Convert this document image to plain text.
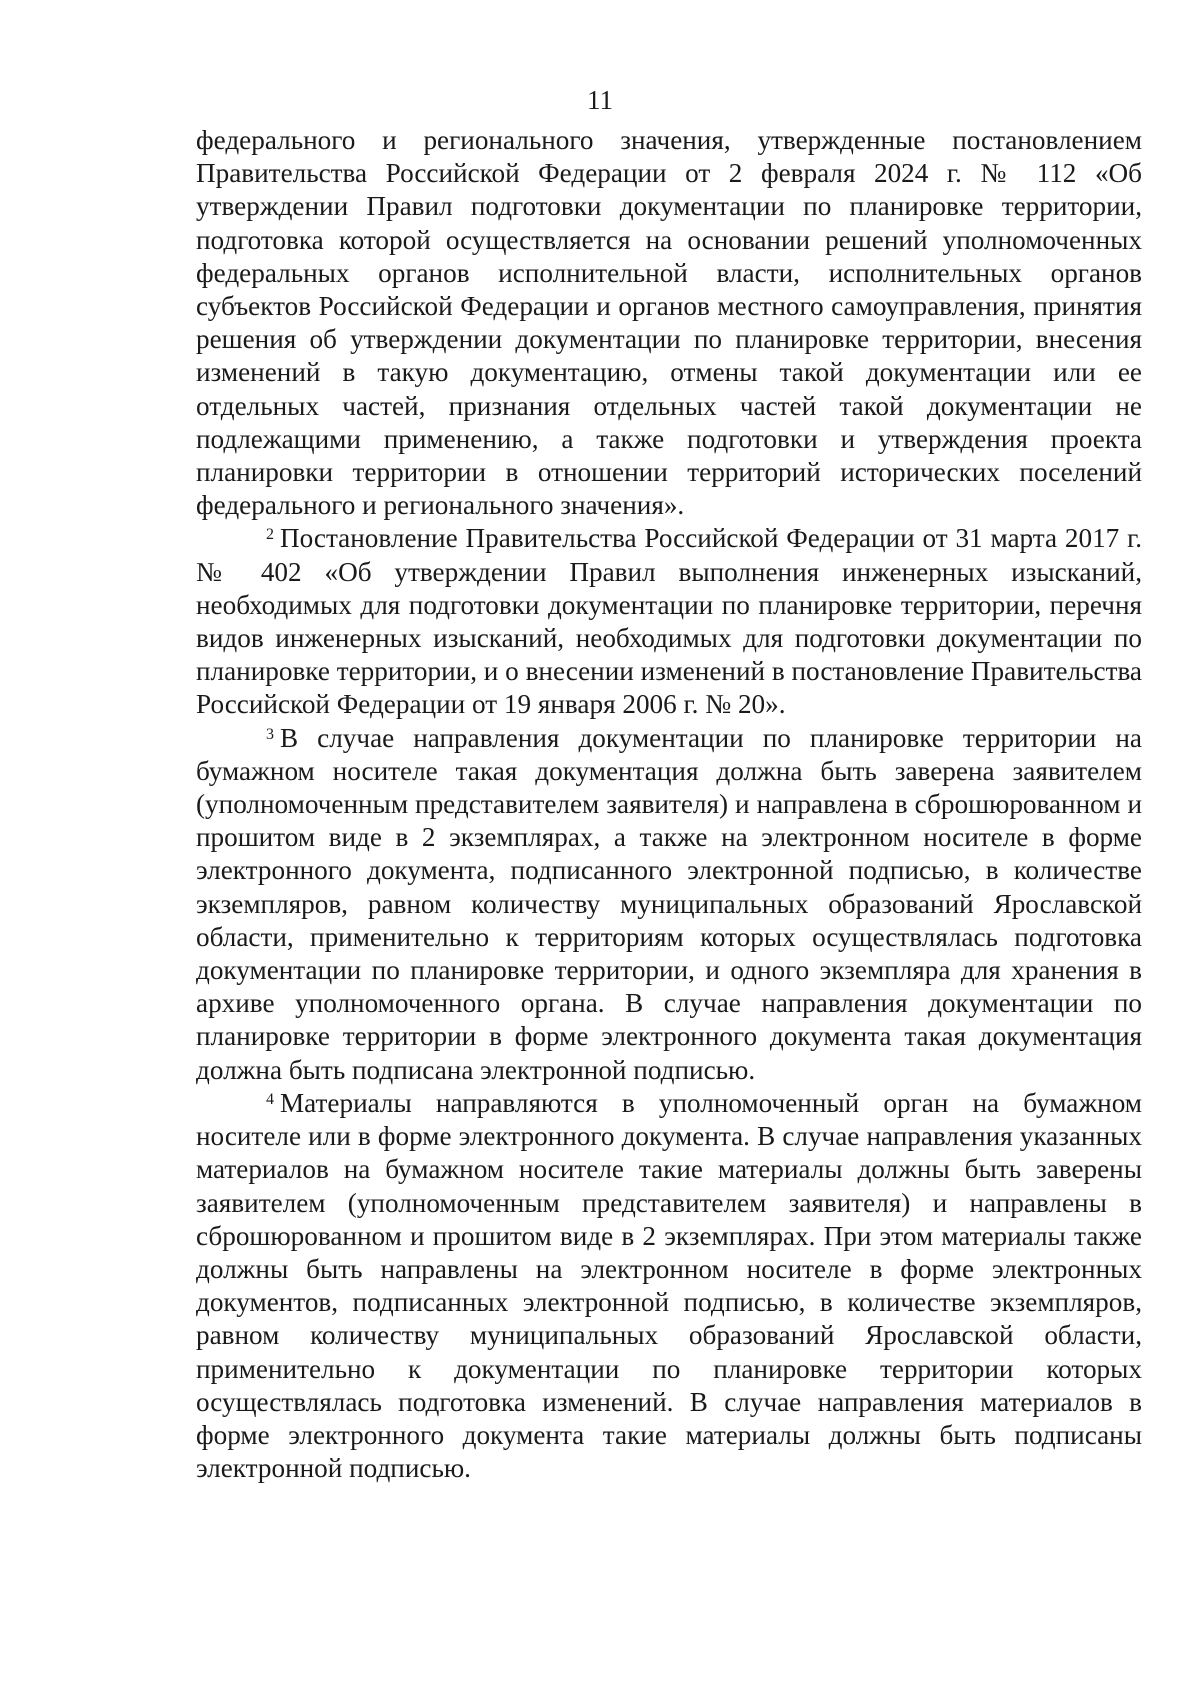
11

федерального и регионального значения, утвержденные постановлением Правительства Российской Федерации от 2 февраля 2024 г. № 112 «Об утверждении Правил подготовки документации по планировке территории, подготовка которой осуществляется на основании решений уполномоченных федеральных органов исполнительной власти, исполнительных органов субъектов Российской Федерации и органов местного самоуправления, принятия решения об утверждении документации по планировке территории, внесения изменений в такую документацию, отмены такой документации или ее отдельных частей, признания отдельных частей такой документации не подлежащими применению, а также подготовки и утверждения проекта планировки территории в отношении территорий исторических поселений федерального и регионального значения».

$^2$ Постановление Правительства Российской Федерации от 31 марта 2017 г. № 402 «Об утверждении Правил выполнения инженерных изысканий, необходимых для подготовки документации по планировке территории, перечня видов инженерных изысканий, необходимых для подготовки документации по планировке территории, и о внесении изменений в постановление Правительства Российской Федерации от 19 января 2006 г. № 20».

$^3$ В случае направления документации по планировке территории на бумажном носителе такая документация должна быть заверена заявителем (уполномоченным представителем заявителя) и направлена в сброшюрованном и прошитом виде в 2 экземплярах, а также на электронном носителе в форме электронного документа, подписанного электронной подписью, в количестве экземпляров, равном количеству муниципальных образований Ярославской области, применительно к территориям которых осуществлялась подготовка документации по планировке территории, и одного экземпляра для хранения в архиве уполномоченного органа. В случае направления документации по планировке территории в форме электронного документа такая документация должна быть подписана электронной подписью.

$^4$ Материалы направляются в уполномоченный орган на бумажном носителе или в форме электронного документа. В случае направления указанных материалов на бумажном носителе такие материалы должны быть заверены заявителем (уполномоченным представителем заявителя) и направлены в сброшюрованном и прошитом виде в 2 экземплярах. При этом материалы также должны быть направлены на электронном носителе в форме электронных документов, подписанных электронной подписью, в количестве экземпляров, равном количеству муниципальных образований Ярославской области, применительно к документации по планировке территории которых осуществлялась подготовка изменений. В случае направления материалов в форме электронного документа такие материалы должны быть подписаны электронной подписью.
